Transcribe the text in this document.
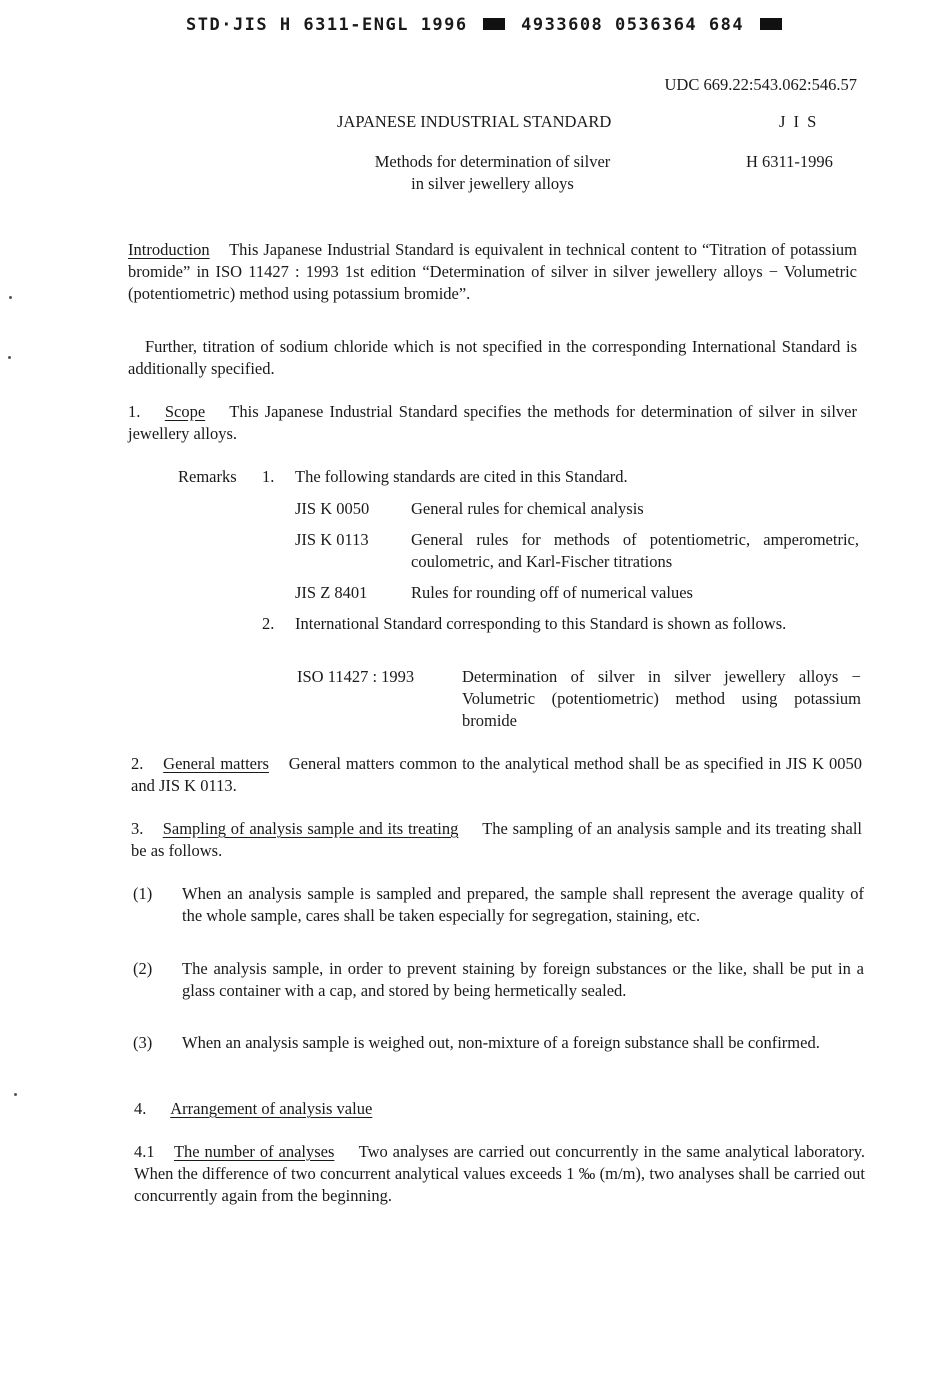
STD·JIS H 6311-ENGL 1996	4933608 0536364 684
UDC 669.22:543.062:546.57
JAPANESE INDUSTRIAL STANDARD	J I S
Methods for determination of silver
in silver jewellery alloys
H 6311-1996
Introduction This Japanese Industrial Standard is equivalent in technical content to “Titration of potassium bromide” in ISO 11427 : 1993 1st edition “Determination of silver in silver jewellery alloys − Volumetric (potentiometric) method using potassium bromide”.
Further, titration of sodium chloride which is not specified in the corresponding International Standard is additionally specified.
1. Scope This Japanese Industrial Standard specifies the methods for determination of silver in silver jewellery alloys.
Remarks 1. The following standards are cited in this Standard.
JIS K 0050	General rules for chemical analysis
JIS K 0113	General rules for methods of potentiometric, amperometric, coulometric, and Karl-Fischer titrations
JIS Z 8401	Rules for rounding off of numerical values
2. International Standard corresponding to this Standard is shown as follows.
ISO 11427 : 1993	Determination of silver in silver jewellery alloys − Volumetric (potentiometric) method using potassium bromide
2. General matters General matters common to the analytical method shall be as specified in JIS K 0050 and JIS K 0113.
3. Sampling of analysis sample and its treating The sampling of an analysis sample and its treating shall be as follows.
(1) When an analysis sample is sampled and prepared, the sample shall represent the average quality of the whole sample, cares shall be taken especially for segregation, staining, etc.
(2) The analysis sample, in order to prevent staining by foreign substances or the like, shall be put in a glass container with a cap, and stored by being hermetically sealed.
(3) When an analysis sample is weighed out, non-mixture of a foreign substance shall be confirmed.
4. Arrangement of analysis value
4.1 The number of analyses Two analyses are carried out concurrently in the same analytical laboratory. When the difference of two concurrent analytical values exceeds 1 ‰ (m/m), two analyses shall be carried out concurrently again from the beginning.
